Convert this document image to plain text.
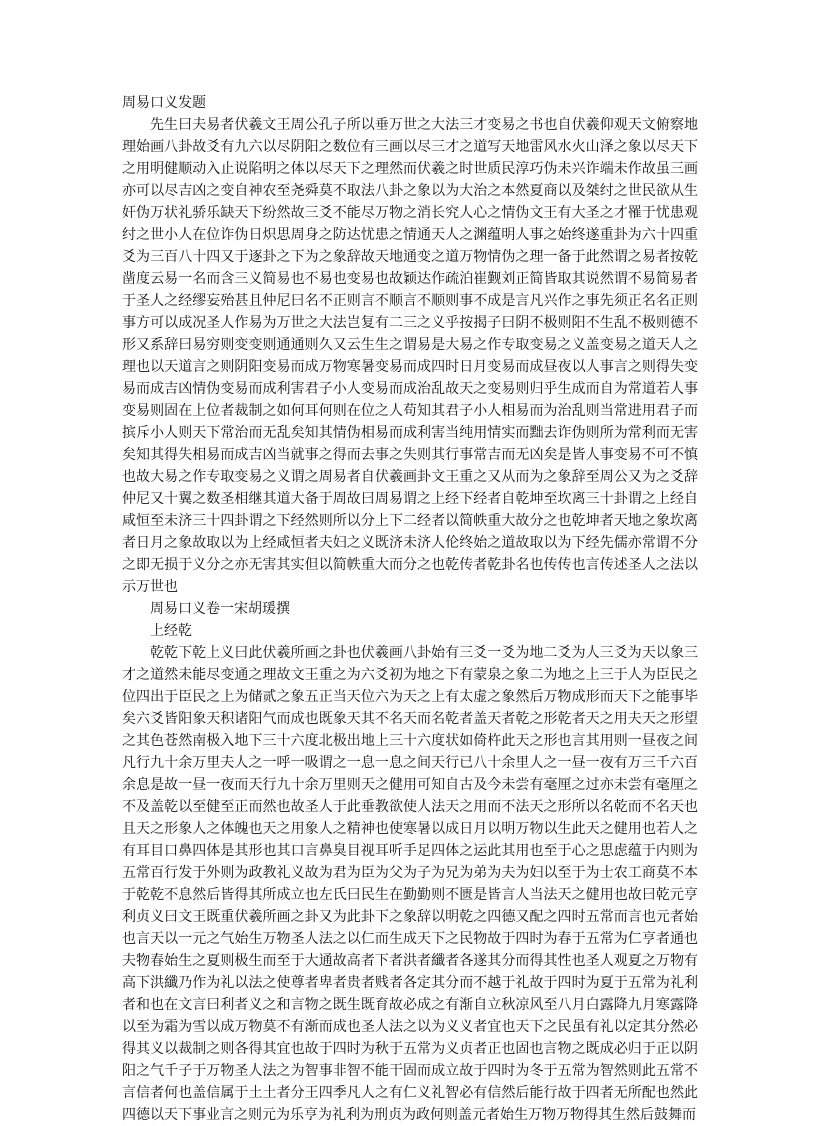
周易口义发题

先生曰夫易者伏羲文王周公孔子所以垂万世之大法三才变易之书也自伏羲仰观天文俯察地理始画八卦故爻有九六以尽阴阳之数位有三画以尽三才之道写天地雷风水火山泽之象以尽天下之用明健顺动入止说陷明之体以尽天下之理然而伏羲之时世质民淳巧伪未兴诈端未作故虽三画亦可以尽吉凶之变自神农至尧舜莫不取法八卦之象以为大治之本然夏商以及桀纣之世民欲从生奸伪万状礼骄乐缺天下纷然故三爻不能尽万物之消长究人心之情伪文王有大圣之才罹于忧患观纣之世小人在位诈伪日炽思周身之防达忧患之情通天人之渊蕴明人事之始终遂重卦为六十四重爻为三百八十四又于逐卦之下为之象辞故天地通变之道万物情伪之理一备于此然谓之易者按乾凿度云易一名而含三义简易也不易也变易也故颖达作疏泊崔觐刘正简皆取其说然谓不易简易者于圣人之经缪妄殆甚且仲尼曰名不正则言不顺言不顺则事不成是言凡兴作之事先须正名名正则事方可以成况圣人作易为万世之大法岂复有二三之义乎按揭子曰阴不极则阳不生乱不极则德不形又系辞曰易穷则变变则通通则久又云生生之谓易是大易之作专取变易之义盖变易之道天人之理也以天道言之则阴阳变易而成万物寒暑变易而成四时日月变易而成昼夜以人事言之则得失变易而成吉凶情伪变易而成利害君子小人变易而成治乱故天之变易则归乎生成而自为常道若人事变易则固在上位者裁制之如何耳何则在位之人苟知其君子小人相易而为治乱则当常进用君子而摈斥小人则天下常治而无乱矣知其情伪相易而成利害当纯用情实而黜去诈伪则所为常利而无害矣知其得失相易而成吉凶当就事之得而去事之失则其行事常吉而无凶矣是皆人事变易不可不慎也故大易之作专取变易之义谓之周易者自伏羲画卦文王重之又从而为之象辞至周公又为之爻辞仲尼又十翼之数圣相继其道大备于周故曰周易谓之上经下经者自乾坤至坎离三十卦谓之上经自咸恒至未济三十四卦谓之下经然则所以分上下二经者以简帙重大故分之也乾坤者天地之象坎离者日月之象故取以为上经咸恒者夫妇之义既济未济人伦终始之道故取以为下经先儒亦常谓不分之即无损于义分之亦无害其实但以简帙重大而分之也乾传者乾卦名也传传也言传述圣人之法以示万世也

周易口义卷一宋胡瑗撰

上经乾

乾乾下乾上义曰此伏羲所画之卦也伏羲画八卦始有三爻一爻为地二爻为人三爻为天以象三才之道然未能尽变通之理故文王重之为六爻初为地之下有蒙泉之象二为地之上三于人为臣民之位四出于臣民之上为储贰之象五正当天位六为天之上有太虚之象然后万物成形而天下之能事毕矣六爻皆阳象天积诸阳气而成也既象天其不名天而名乾者盖天者乾之形乾者天之用夫天之形望之其色苍然南极入地下三十六度北极出地上三十六度状如倚杵此天之形也言其用则一昼夜之间凡行九十余万里夫人之一呼一吸谓之一息一息之间天行已八十余里人之一昼一夜有万三千六百余息是故一昼一夜而天行九十余万里则天之健用可知自古及今未尝有毫厘之过亦未尝有毫厘之不及盖乾以至健至正而然也故圣人于此垂教欲使人法天之用而不法天之形所以名乾而不名天也且天之形象人之体魄也天之用象人之精神也使寒暑以成日月以明万物以生此天之健用也若人之有耳目口鼻四体是其形也其口言鼻臭目视耳听手足四体之运此其用也至于心之思虑蕴于内则为五常百行发于外则为政教礼义故为君为臣为父为子为兄为弟为夫为妇以至于为士农工商莫不本于乾乾不息然后皆得其所成立也左氏曰民生在勤勤则不匮是皆言人当法天之健用也故曰乾元亨利贞义曰文王既重伏羲所画之卦又为此卦下之象辞以明乾之四德又配之四时五常而言也元者始也言天以一元之气始生万物圣人法之以仁而生成天下之民物故于四时为春于五常为仁亨者通也夫物春始生之夏则极生而至于大通故高者下者洪者纖者各遂其分而得其性也圣人观夏之万物有高下洪纖乃作为礼以法之使尊者卑者贵者贱者各定其分而不越于礼故于四时为夏于五常为礼利者和也在文言曰利者义之和言物之既生既育故必成之有渐自立秋凉风至八月白露降九月寒露降以至为霜为雪以成万物莫不有渐而成也圣人法之以为义义者宜也天下之民虽有礼以定其分然必得其义以裁制之则各得其宜也故于四时为秋于五常为义贞者正也固也言物之既成必归于正以阴阳之气千子于万物圣人法之为智事非智不能干固而成立故于四时为冬于五常为智然则此五常不言信者何也盖信属于土土者分王四季凡人之有仁义礼智必有信然后能行故于四者无所配也然此四德以天下事业言之则元为乐亨为礼利为刑贞为政何则盖元者始生万物万物得其生然后鼓舞而
